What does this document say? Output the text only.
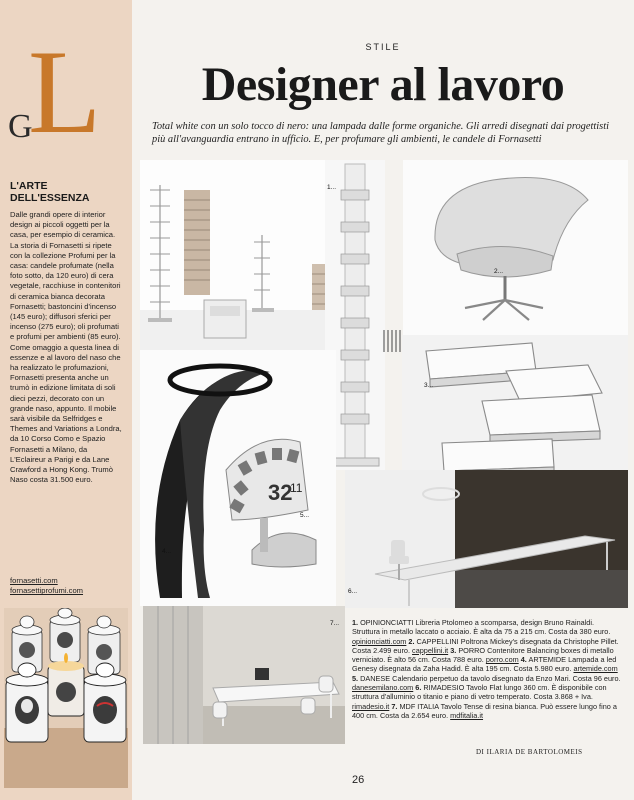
L
G
L'ARTE
DELL'ESSENZA

Dalle grandi opere di interior design ai piccoli oggetti per la casa, per esempio di ceramica. La storia di Fornasetti si ripete con la collezione Profumi per la casa: candele profumate (nella foto sotto, da 120 euro) di cera vegetale, racchiuse in contenitori di ceramica bianca decorata Fornasetti; bastoncini d'incenso (145 euro); diffusori sferici per incenso (275 euro); oli profumati e profumi per ambienti (85 euro). Come omaggio a questa linea di essenze e al lavoro del naso che ha realizzato le profumazioni, Fornasetti presenta anche un trumò in edizione limitata di soli dieci pezzi, decorato con un grande naso, appunto. Il mobile sarà visibile da Selfridges e Themes and Variations a Londra, da 10 Corso Como e Spazio Fornasetti a Milano, da L'Eclaireur a Parigi e da Lane Crawford a Hong Kong. Trumò Naso costa 31.500 euro.

fornasetti.com
fornasettiprofumi.com
STILE
Designer al lavoro

Total white con un solo tocco di nero: una lampada dalle forme organiche. Gli arredi disegnati dai progettisti più all'avanguardia entrano in ufficio. E, per profumare gli ambienti, le candele di Fornasetti

1...
2...
32
11
5...
4...
3...
6...
7... 1. OPINIONCIATTI Libreria Ptolomeo a scomparsa, design Bruno Rainaldi. Struttura in metallo laccato o acciaio. È alta da 75 a 215 cm. Costa da 380 euro. opinionciatti.com 2. CAPPELLINI Poltrona Mickey's disegnata da Christophe Pillet. Costa 2.499 euro. cappellini.it 3. PORRO Contenitore Balancing boxes di metallo verniciato. È alto 56 cm. Costa 788 euro. porro.com 4. ARTEMIDE Lampada a led Genesy disegnata da Zaha Hadid. È alta 195 cm. Costa 5.980 euro. artemide.com 5. DANESE Calendario perpetuo da tavolo disegnato da Enzo Mari. Costa 96 euro. danesemilano.com 6. RIMADESIO Tavolo Flat lungo 360 cm. È disponibile con struttura d'alluminio o titanio e piano di vetro temperato. Costa 3.868 + Iva. rimadesio.it 7. MDF ITALIA Tavolo Tense di resina bianca. Può essere lungo fino a 400 cm. Costa da 2.654 euro. mdfitalia.it
DI ILARIA DE BARTOLOMEIS
26
